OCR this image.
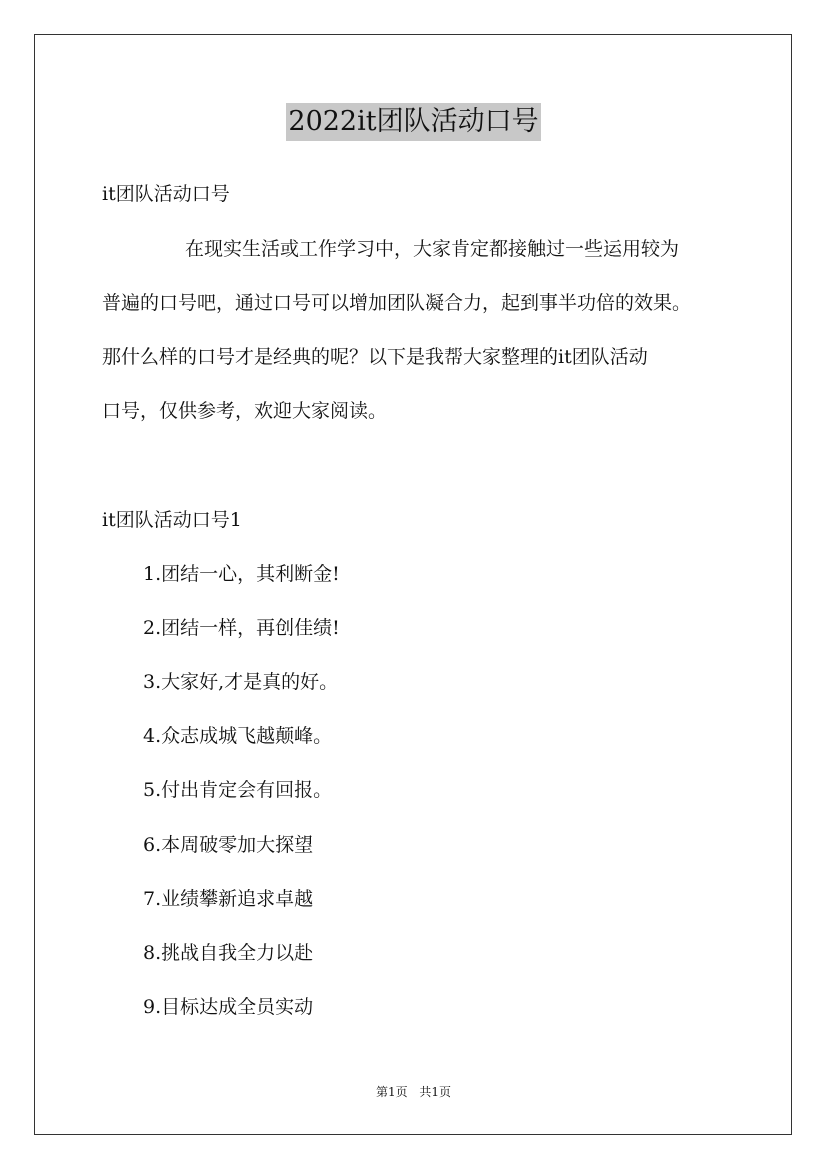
2022it团队活动口号
it团队活动口号
在现实生活或工作学习中，大家肯定都接触过一些运用较为
普遍的口号吧，通过口号可以增加团队凝合力，起到事半功倍的效果。
那什么样的口号才是经典的呢？以下是我帮大家整理的it团队活动
口号，仅供参考，欢迎大家阅读。
it团队活动口号1
1.团结一心，其利断金!
2.团结一样，再创佳绩!
3.大家好,才是真的好。
4.众志成城飞越颠峰。
5.付出肯定会有回报。
6.本周破零加大探望
7.业绩攀新追求卓越
8.挑战自我全力以赴
9.目标达成全员实动
第1页 共1页
